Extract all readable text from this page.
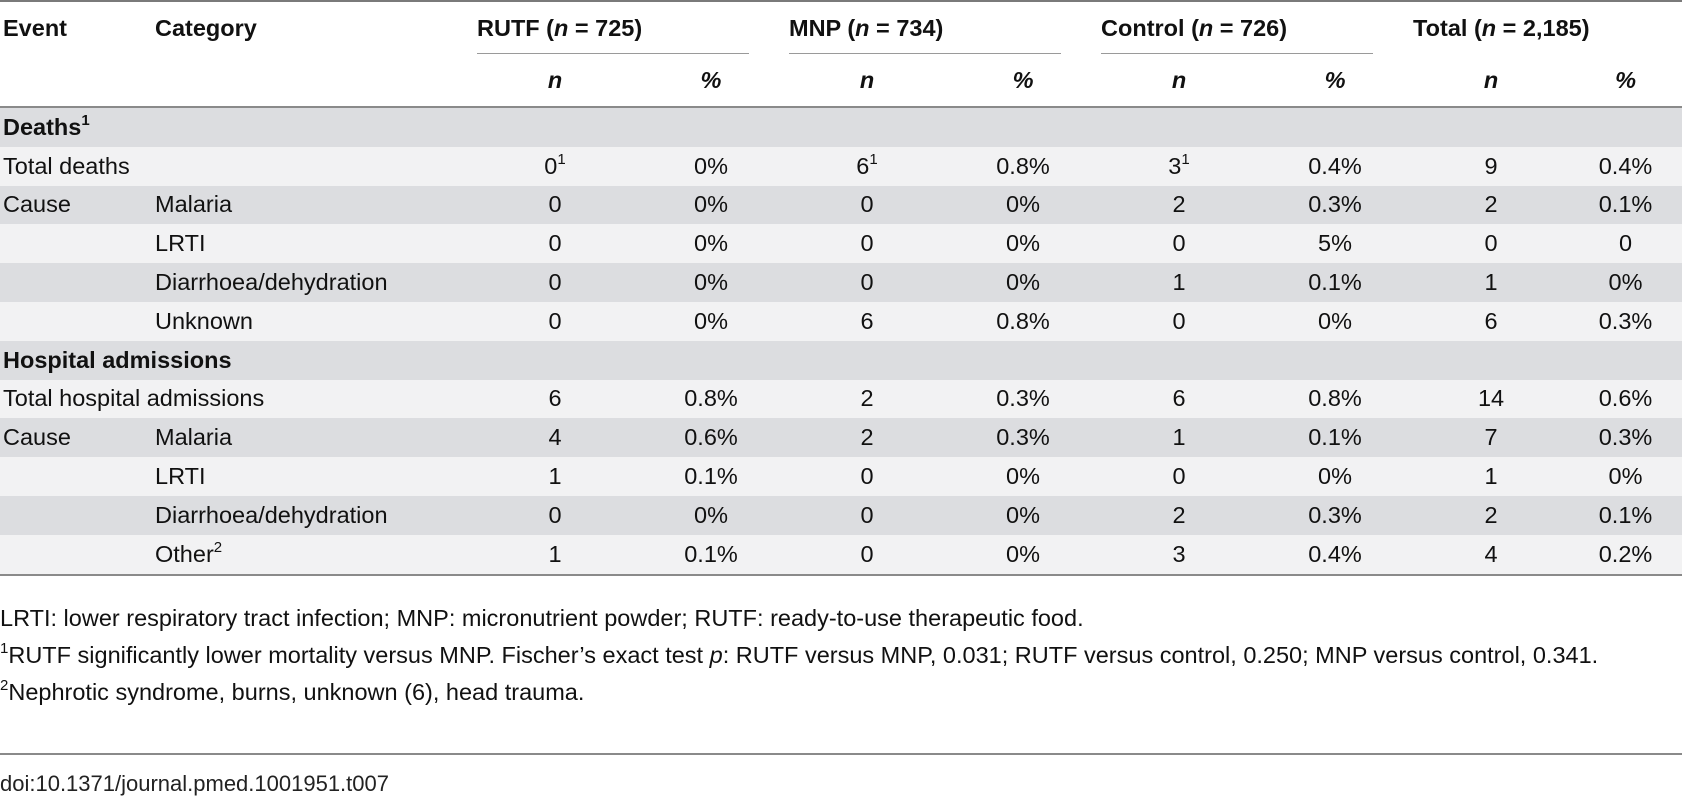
Event	Category	RUTF (n = 725)		MNP (n = 734)		Control (n = 726)		Total (n = 2,185)	
		n	%	n	%	n	%	n	%
Deaths$^1$
Total deaths		$0^1$	0%	$6^1$	0.8%	$3^1$	0.4%	9	0.4%
Cause	Malaria	0	0%	0	0%	2	0.3%	2	0.1%
	LRTI	0	0%	0	0%	0	5%	0	0
	Diarrhoea/dehydration	0	0%	0	0%	1	0.1%	1	0%
	Unknown	0	0%	6	0.8%	0	0%	6	0.3%
Hospital admissions									
Total hospital admissions		6	0.8%	2	0.3%	6	0.8%	14	0.6%
Cause	Malaria	4	0.6%	2	0.3%	1	0.1%	7	0.3%
	LRTI	1	0.1%	0	0%	0	0%	1	0%
	Diarrhoea/dehydration	0	0%	0	0%	2	0.3%	2	0.1%
	Other$^2$	1	0.1%	0	0%	3	0.4%	4	0.2%

LRTI: lower respiratory tract infection; MNP: micronutrient powder; RUTF: ready-to-use therapeutic food.

$^1$RUTF significantly lower mortality versus MNP. Fischer’s exact test p: RUTF versus MNP, 0.031; RUTF versus control, 0.250; MNP versus control, 0.341.

$^2$Nephrotic syndrome, burns, unknown (6), head trauma.

doi:10.1371/journal.pmed.1001951.t007
